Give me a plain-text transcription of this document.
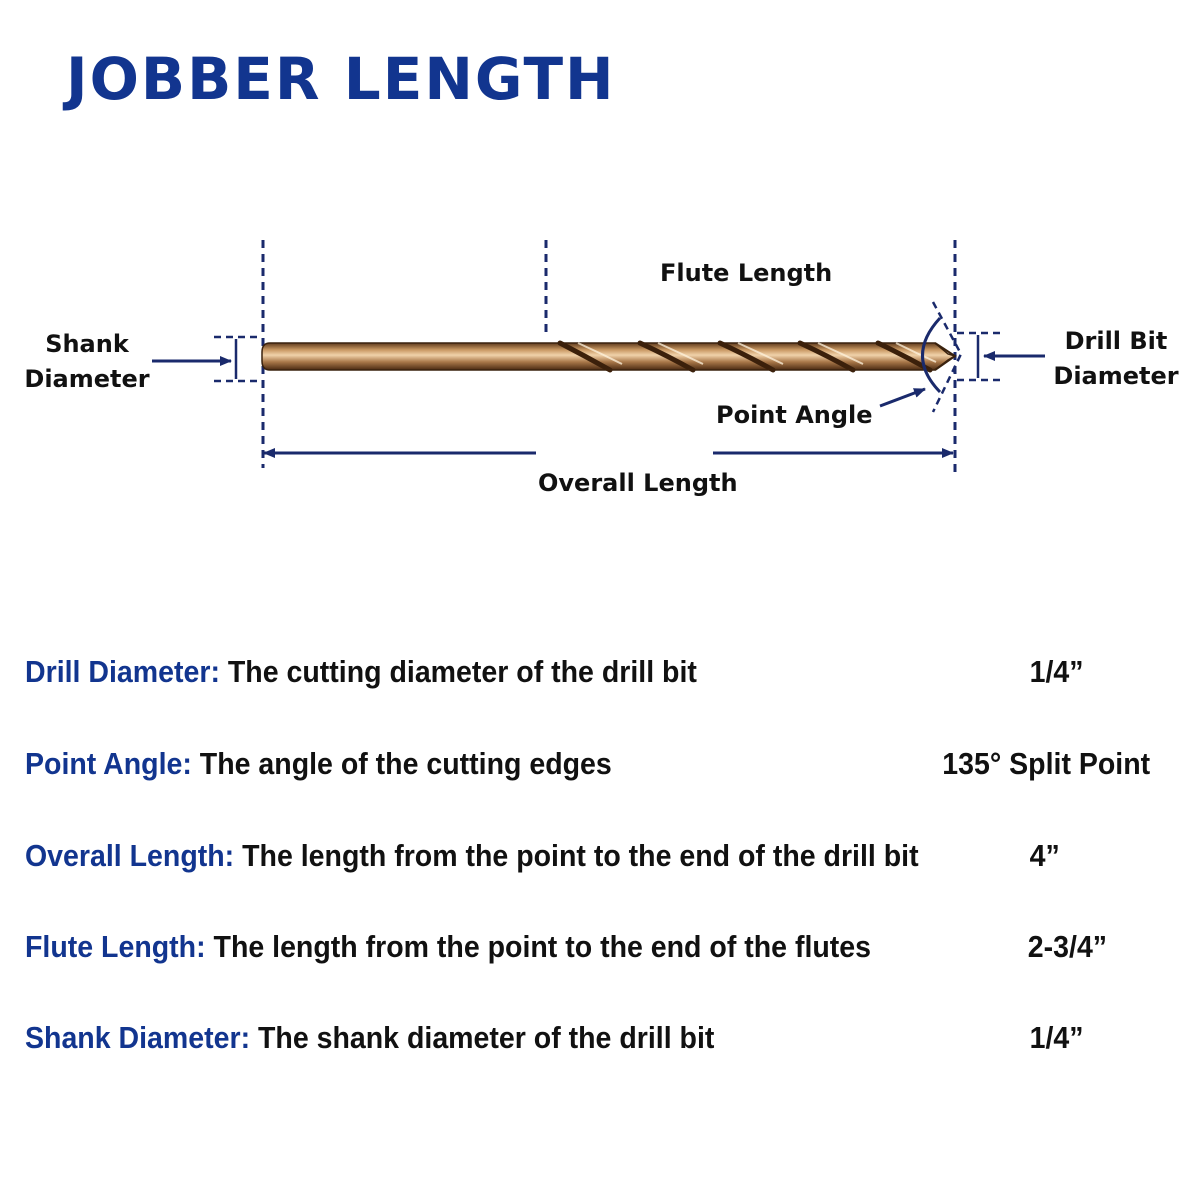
JOBBER LENGTH
Flute Length
Shank
Diameter
Drill Bit
Diameter
Point Angle
Overall Length
Drill Diameter: The cutting diameter of the drill bit	1/4”
Point Angle: The angle of the cutting edges	135° Split Point
Overall Length: The length from the point to the end of the drill bit	4”
Flute Length: The length from the point to the end of the flutes	2-3/4”
Shank Diameter: The shank diameter of the drill bit	1/4”
